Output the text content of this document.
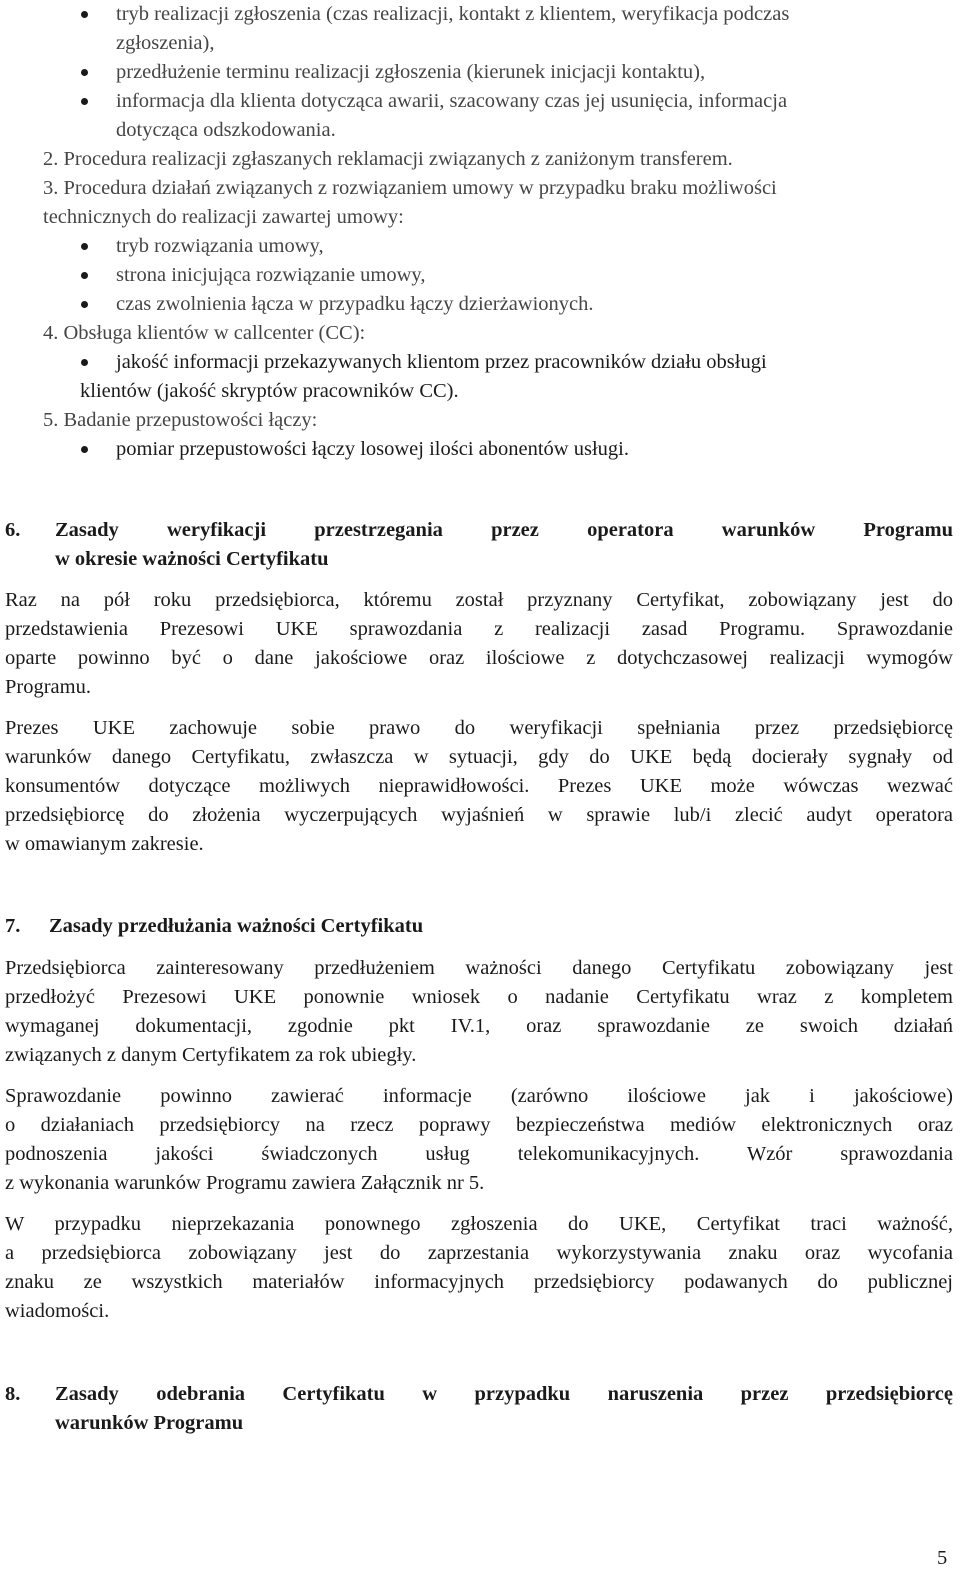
tryb realizacji zgłoszenia (czas realizacji, kontakt z klientem, weryfikacja podczas
zgłoszenia),
przedłużenie terminu realizacji zgłoszenia (kierunek inicjacji kontaktu),
informacja dla klienta dotycząca awarii, szacowany czas jej usunięcia, informacja
dotycząca odszkodowania.
2. Procedura realizacji zgłaszanych reklamacji związanych z zaniżonym transferem.
3. Procedura działań związanych z rozwiązaniem umowy w przypadku braku możliwości
technicznych do realizacji zawartej umowy:
tryb rozwiązania umowy,
strona inicjująca rozwiązanie umowy,
czas zwolnienia łącza w przypadku łączy dzierżawionych.
4. Obsługa klientów w callcenter (CC):
jakość informacji przekazywanych klientom przez pracowników działu obsługi
klientów (jakość skryptów pracowników CC).
5. Badanie przepustowości łączy:
pomiar przepustowości łączy losowej ilości abonentów usługi.
6. Zasady weryfikacji przestrzegania przez operatora warunków Programu
w okresie ważności Certyfikatu
Raz na pół roku przedsiębiorca, któremu został przyznany Certyfikat, zobowiązany jest do
przedstawienia Prezesowi UKE sprawozdania z realizacji zasad Programu. Sprawozdanie
oparte powinno być o dane jakościowe oraz ilościowe z dotychczasowej realizacji wymogów
Programu.
Prezes UKE zachowuje sobie prawo do weryfikacji spełniania przez przedsiębiorcę
warunków danego Certyfikatu, zwłaszcza w sytuacji, gdy do UKE będą docierały sygnały od
konsumentów dotyczące możliwych nieprawidłowości. Prezes UKE może wówczas wezwać
przedsiębiorcę do złożenia wyczerpujących wyjaśnień w sprawie lub/i zlecić audyt operatora
w omawianym zakresie.
7. Zasady przedłużania ważności Certyfikatu
Przedsiębiorca zainteresowany przedłużeniem ważności danego Certyfikatu zobowiązany jest
przedłożyć Prezesowi UKE ponownie wniosek o nadanie Certyfikatu wraz z kompletem
wymaganej dokumentacji, zgodnie pkt IV.1, oraz sprawozdanie ze swoich działań
związanych z danym Certyfikatem za rok ubiegły.
Sprawozdanie powinno zawierać informacje (zarówno ilościowe jak i jakościowe)
o działaniach przedsiębiorcy na rzecz poprawy bezpieczeństwa mediów elektronicznych oraz
podnoszenia jakości świadczonych usług telekomunikacyjnych. Wzór sprawozdania
z wykonania warunków Programu zawiera Załącznik nr 5.
W przypadku nieprzekazania ponownego zgłoszenia do UKE, Certyfikat traci ważność,
a przedsiębiorca zobowiązany jest do zaprzestania wykorzystywania znaku oraz wycofania
znaku ze wszystkich materiałów informacyjnych przedsiębiorcy podawanych do publicznej
wiadomości.
8. Zasady odebrania Certyfikatu w przypadku naruszenia przez przedsiębiorcę
warunków Programu
5
